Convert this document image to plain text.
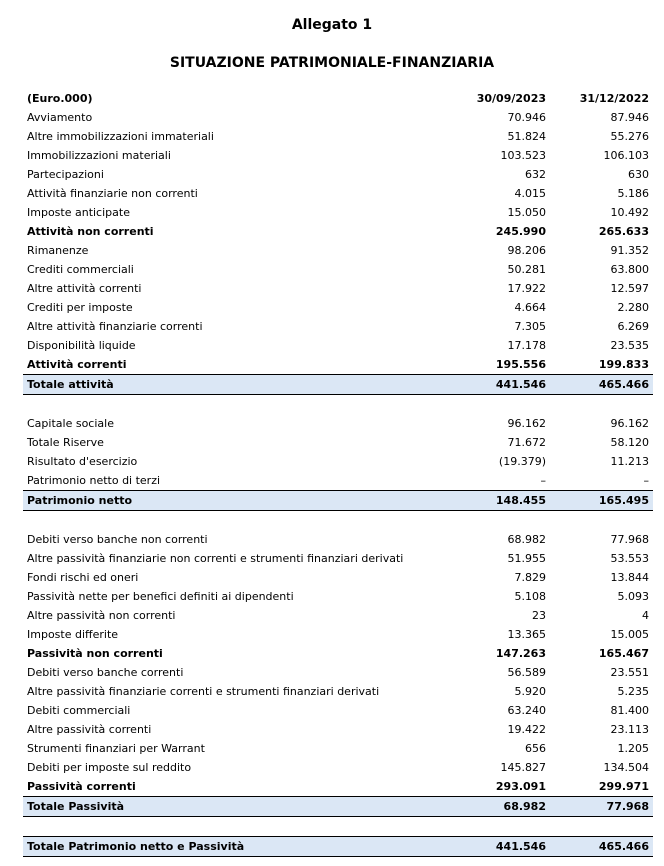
Allegato 1
SITUAZIONE PATRIMONIALE-FINANZIARIA
(Euro.000)	30/09/2023	31/12/2022
Avviamento	70.946	87.946
Altre immobilizzazioni immateriali	51.824	55.276
Immobilizzazioni materiali	103.523	106.103
Partecipazioni	632	630
Attività finanziarie non correnti	4.015	5.186
Imposte anticipate	15.050	10.492
Attività non correnti	245.990	265.633
Rimanenze	98.206	91.352
Crediti commerciali	50.281	63.800
Altre attività correnti	17.922	12.597
Crediti per imposte	4.664	2.280
Altre attività finanziarie correnti	7.305	6.269
Disponibilità liquide	17.178	23.535
Attività correnti	195.556	199.833
Totale attività	441.546	465.466
Capitale sociale	96.162	96.162
Totale Riserve	71.672	58.120
Risultato d'esercizio	(19.379)	11.213
Patrimonio netto di terzi	–	–
Patrimonio netto	148.455	165.495
Debiti verso banche non correnti	68.982	77.968
Altre passività finanziarie non correnti e strumenti finanziari derivati	51.955	53.553
Fondi rischi ed oneri	7.829	13.844
Passività nette per benefici definiti ai dipendenti	5.108	5.093
Altre passività non correnti	23	4
Imposte differite	13.365	15.005
Passività non correnti	147.263	165.467
Debiti verso banche correnti	56.589	23.551
Altre passività finanziarie correnti e strumenti finanziari derivati	5.920	5.235
Debiti commerciali	63.240	81.400
Altre passività correnti	19.422	23.113
Strumenti finanziari per Warrant	656	1.205
Debiti per imposte sul reddito	145.827	134.504
Passività correnti	293.091	299.971
Totale Passività	68.982	77.968
Totale Patrimonio netto e Passività	441.546	465.466
